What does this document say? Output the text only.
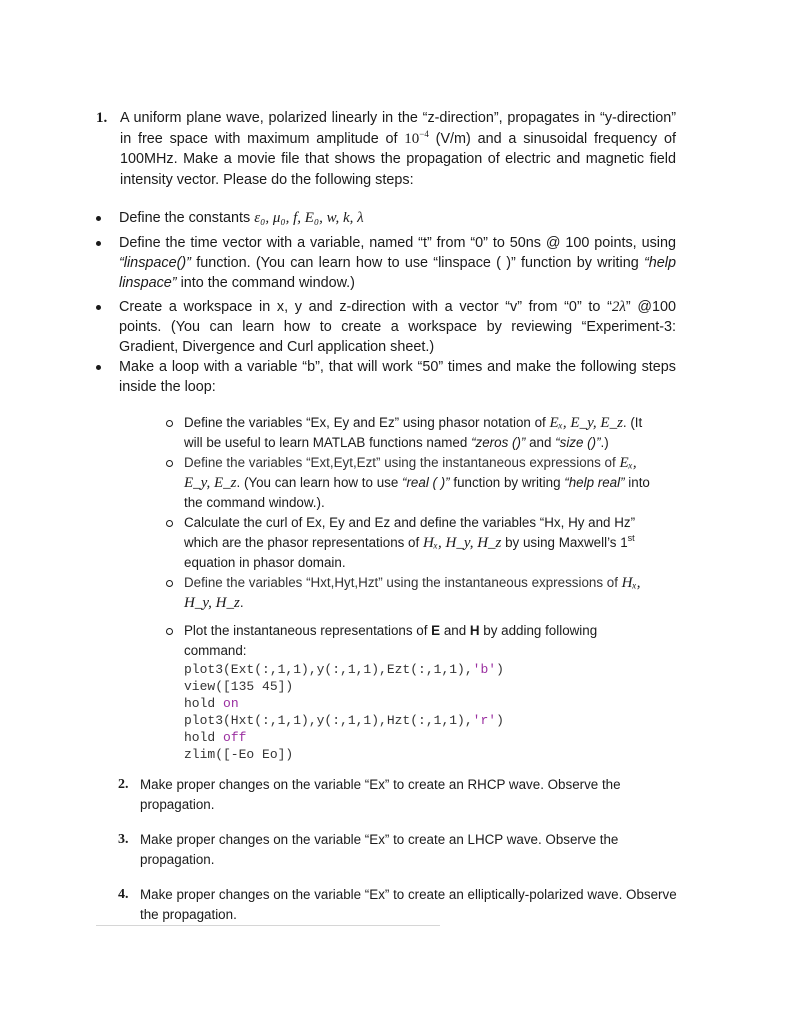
1. A uniform plane wave, polarized linearly in the “z-direction”, propagates in “y-direction” in free space with maximum amplitude of $10^{-4}$ (V/m) and a sinusoidal frequency of 100MHz. Make a movie file that shows the propagation of electric and magnetic field intensity vector. Please do the following steps:
Define the constants ε₀, μ₀, f, E₀, w, k, λ
Define the time vector with a variable, named “t” from “0” to 50ns @ 100 points, using “linspace()” function. (You can learn how to use “linspace ( )” function by writing “help linspace” into the command window.)
Create a workspace in x, y and z-direction with a vector “v” from “0” to “2λ” @100 points. (You can learn how to create a workspace by reviewing “Experiment-3: Gradient, Divergence and Curl application sheet.)
Make a loop with a variable “b”, that will work “50” times and make the following steps inside the loop:
Define the variables “Ex, Ey and Ez” using phasor notation of Eₓ, E_y, E_z. (It will be useful to learn MATLAB functions named “zeros ()” and “size ()”.)
Define the variables “Ext,Eyt,Ezt” using the instantaneous expressions of Eₓ, E_y, E_z. (You can learn how to use “real ( )” function by writing “help real” into the command window.).
Calculate the curl of Ex, Ey and Ez and define the variables “Hx, Hy and Hz” which are the phasor representations of Hₓ, H_y, H_z by using Maxwell’s 1st equation in phasor domain.
Define the variables “Hxt,Hyt,Hzt” using the instantaneous expressions of Hₓ, H_y, H_z.
Plot the instantaneous representations of E and H by adding following command:
plot3(Ext(:,1,1),y(:,1,1),Ezt(:,1,1),'b')
view([135 45])
hold on
plot3(Hxt(:,1,1),y(:,1,1),Hzt(:,1,1),'r')
hold off
zlim([-Eo Eo])
2. Make proper changes on the variable “Ex” to create an RHCP wave. Observe the propagation.
3. Make proper changes on the variable “Ex” to create an LHCP wave. Observe the propagation.
4. Make proper changes on the variable “Ex” to create an elliptically-polarized wave. Observe the propagation.
